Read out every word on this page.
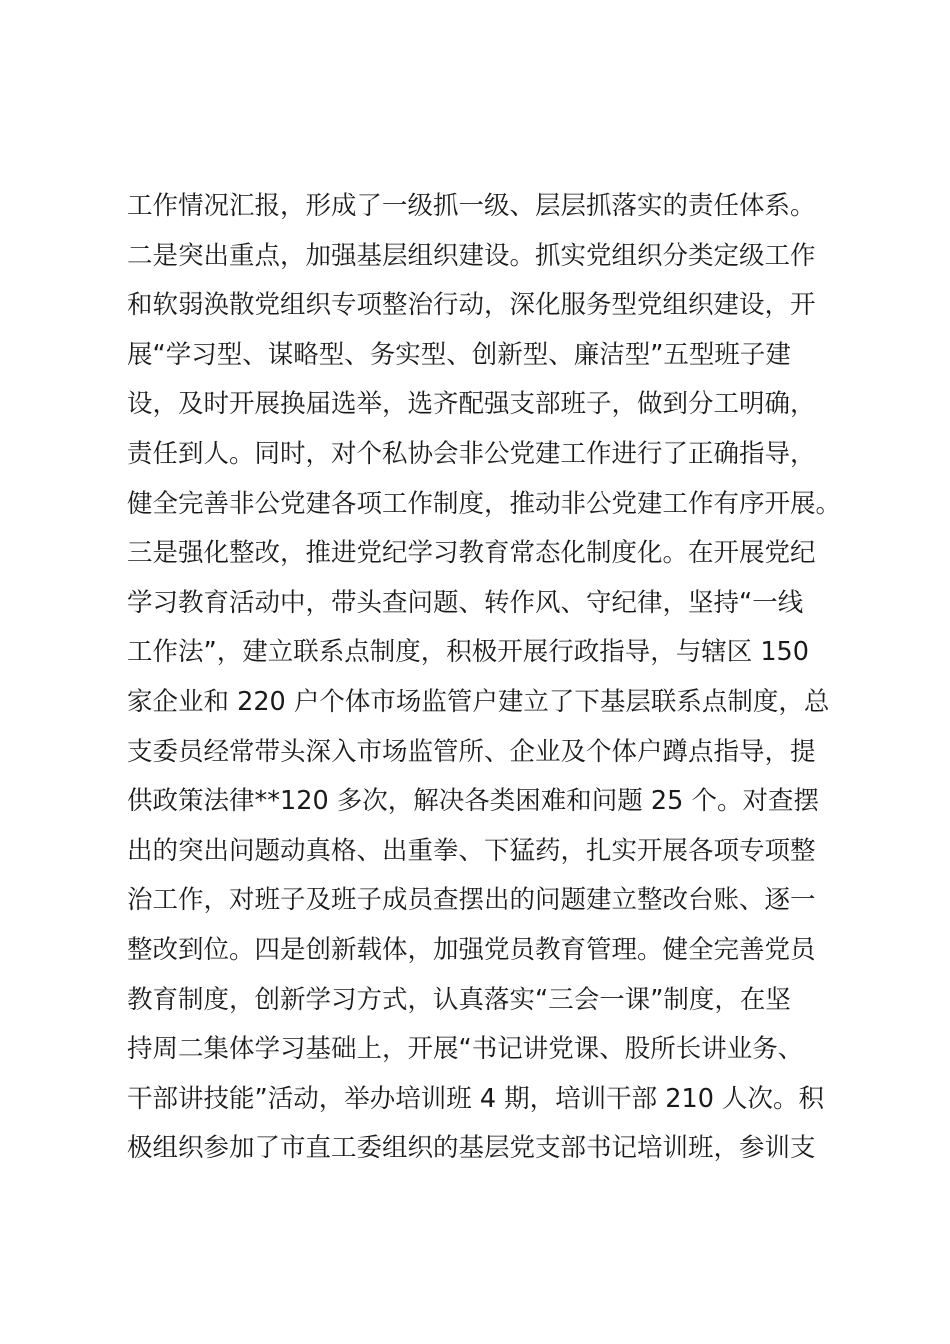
工作情况汇报，形成了一级抓一级、层层抓落实的责任体系。
二是突出重点，加强基层组织建设。抓实党组织分类定级工作
和软弱涣散党组织专项整治行动，深化服务型党组织建设，开
展“学习型、谋略型、务实型、创新型、廉洁型”五型班子建
设，及时开展换届选举，选齐配强支部班子，做到分工明确，
责任到人。同时，对个私协会非公党建工作进行了正确指导，
健全完善非公党建各项工作制度，推动非公党建工作有序开展。
三是强化整改，推进党纪学习教育常态化制度化。在开展党纪
学习教育活动中，带头查问题、转作风、守纪律，坚持“一线
工作法”，建立联系点制度，积极开展行政指导，与辖区 150
家企业和 220 户个体市场监管户建立了下基层联系点制度，总
支委员经常带头深入市场监管所、企业及个体户蹲点指导，提
供政策法律**120 多次，解决各类困难和问题 25 个。对查摆
出的突出问题动真格、出重拳、下猛药，扎实开展各项专项整
治工作，对班子及班子成员查摆出的问题建立整改台账、逐一
整改到位。四是创新载体，加强党员教育管理。健全完善党员
教育制度，创新学习方式，认真落实“三会一课”制度，在坚
持周二集体学习基础上，开展“书记讲党课、股所长讲业务、
干部讲技能”活动，举办培训班 4 期，培训干部 210 人次。积
极组织参加了市直工委组织的基层党支部书记培训班，参训支
